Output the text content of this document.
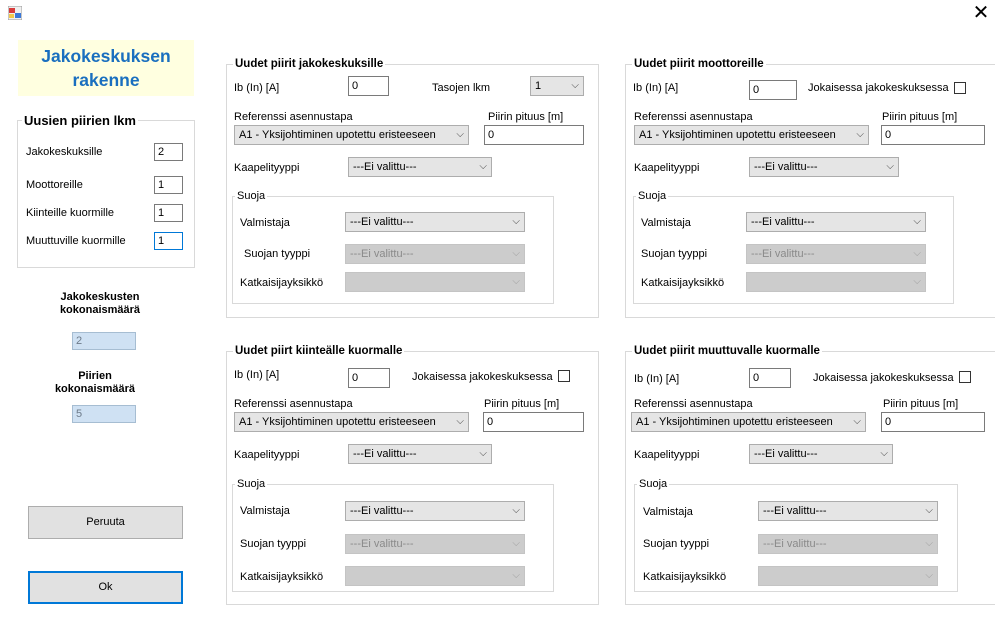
✕
Jakokeskuksen
rakenne
Uusien piirien lkm
Jakokeskuksille
2
Moottoreille
1
Kiinteille kuormille
1
Muuttuville kuormille
1
Jakokeskusten
kokonaismäärä
2
Piirien
kokonaismäärä
5
Peruuta
Ok
Uudet piirit jakokeskuksille
Ib (In) [A]
0	Tasojen lkm	1	⌵
Referenssi asennustapa
A1 - Yksijohtiminen upotettu eristeeseen ⌵
Piirin pituus [m]
0
Kaapelityyppi	---Ei valittu---	⌵
Suoja
Valmistaja	---Ei valittu---	⌵
Suojan tyyppi	---Ei valittu---	⌵
Katkaisijayksikkö	⌵
Uudet piirit moottoreille
Ib (In) [A]
0	Jokaisessa jakokeskuksessa
Referenssi asennustapa
A1 - Yksijohtiminen upotettu eristeeseen ⌵
Piirin pituus [m]
0
Kaapelityyppi	---Ei valittu---	⌵
Suoja
Valmistaja	---Ei valittu---	⌵
Suojan tyyppi	---Ei valittu---	⌵
Katkaisijayksikkö	⌵
Uudet piirt kiinteälle kuormalle
Ib (In) [A]
0	Jokaisessa jakokeskuksessa
Referenssi asennustapa
A1 - Yksijohtiminen upotettu eristeeseen ⌵
Piirin pituus [m]
0
Kaapelityyppi	---Ei valittu---	⌵
Suoja
Valmistaja	---Ei valittu---	⌵
Suojan tyyppi	---Ei valittu---	⌵
Katkaisijayksikkö	⌵
Uudet piirit muuttuvalle kuormalle
Ib (In) [A]
0	Jokaisessa jakokeskuksessa
Referenssi asennustapa
A1 - Yksijohtiminen upotettu eristeeseen ⌵
Piirin pituus [m]
0
Kaapelityyppi	---Ei valittu---	⌵
Suoja
Valmistaja	---Ei valittu---	⌵
Suojan tyyppi	---Ei valittu---	⌵
Katkaisijayksikkö	⌵
